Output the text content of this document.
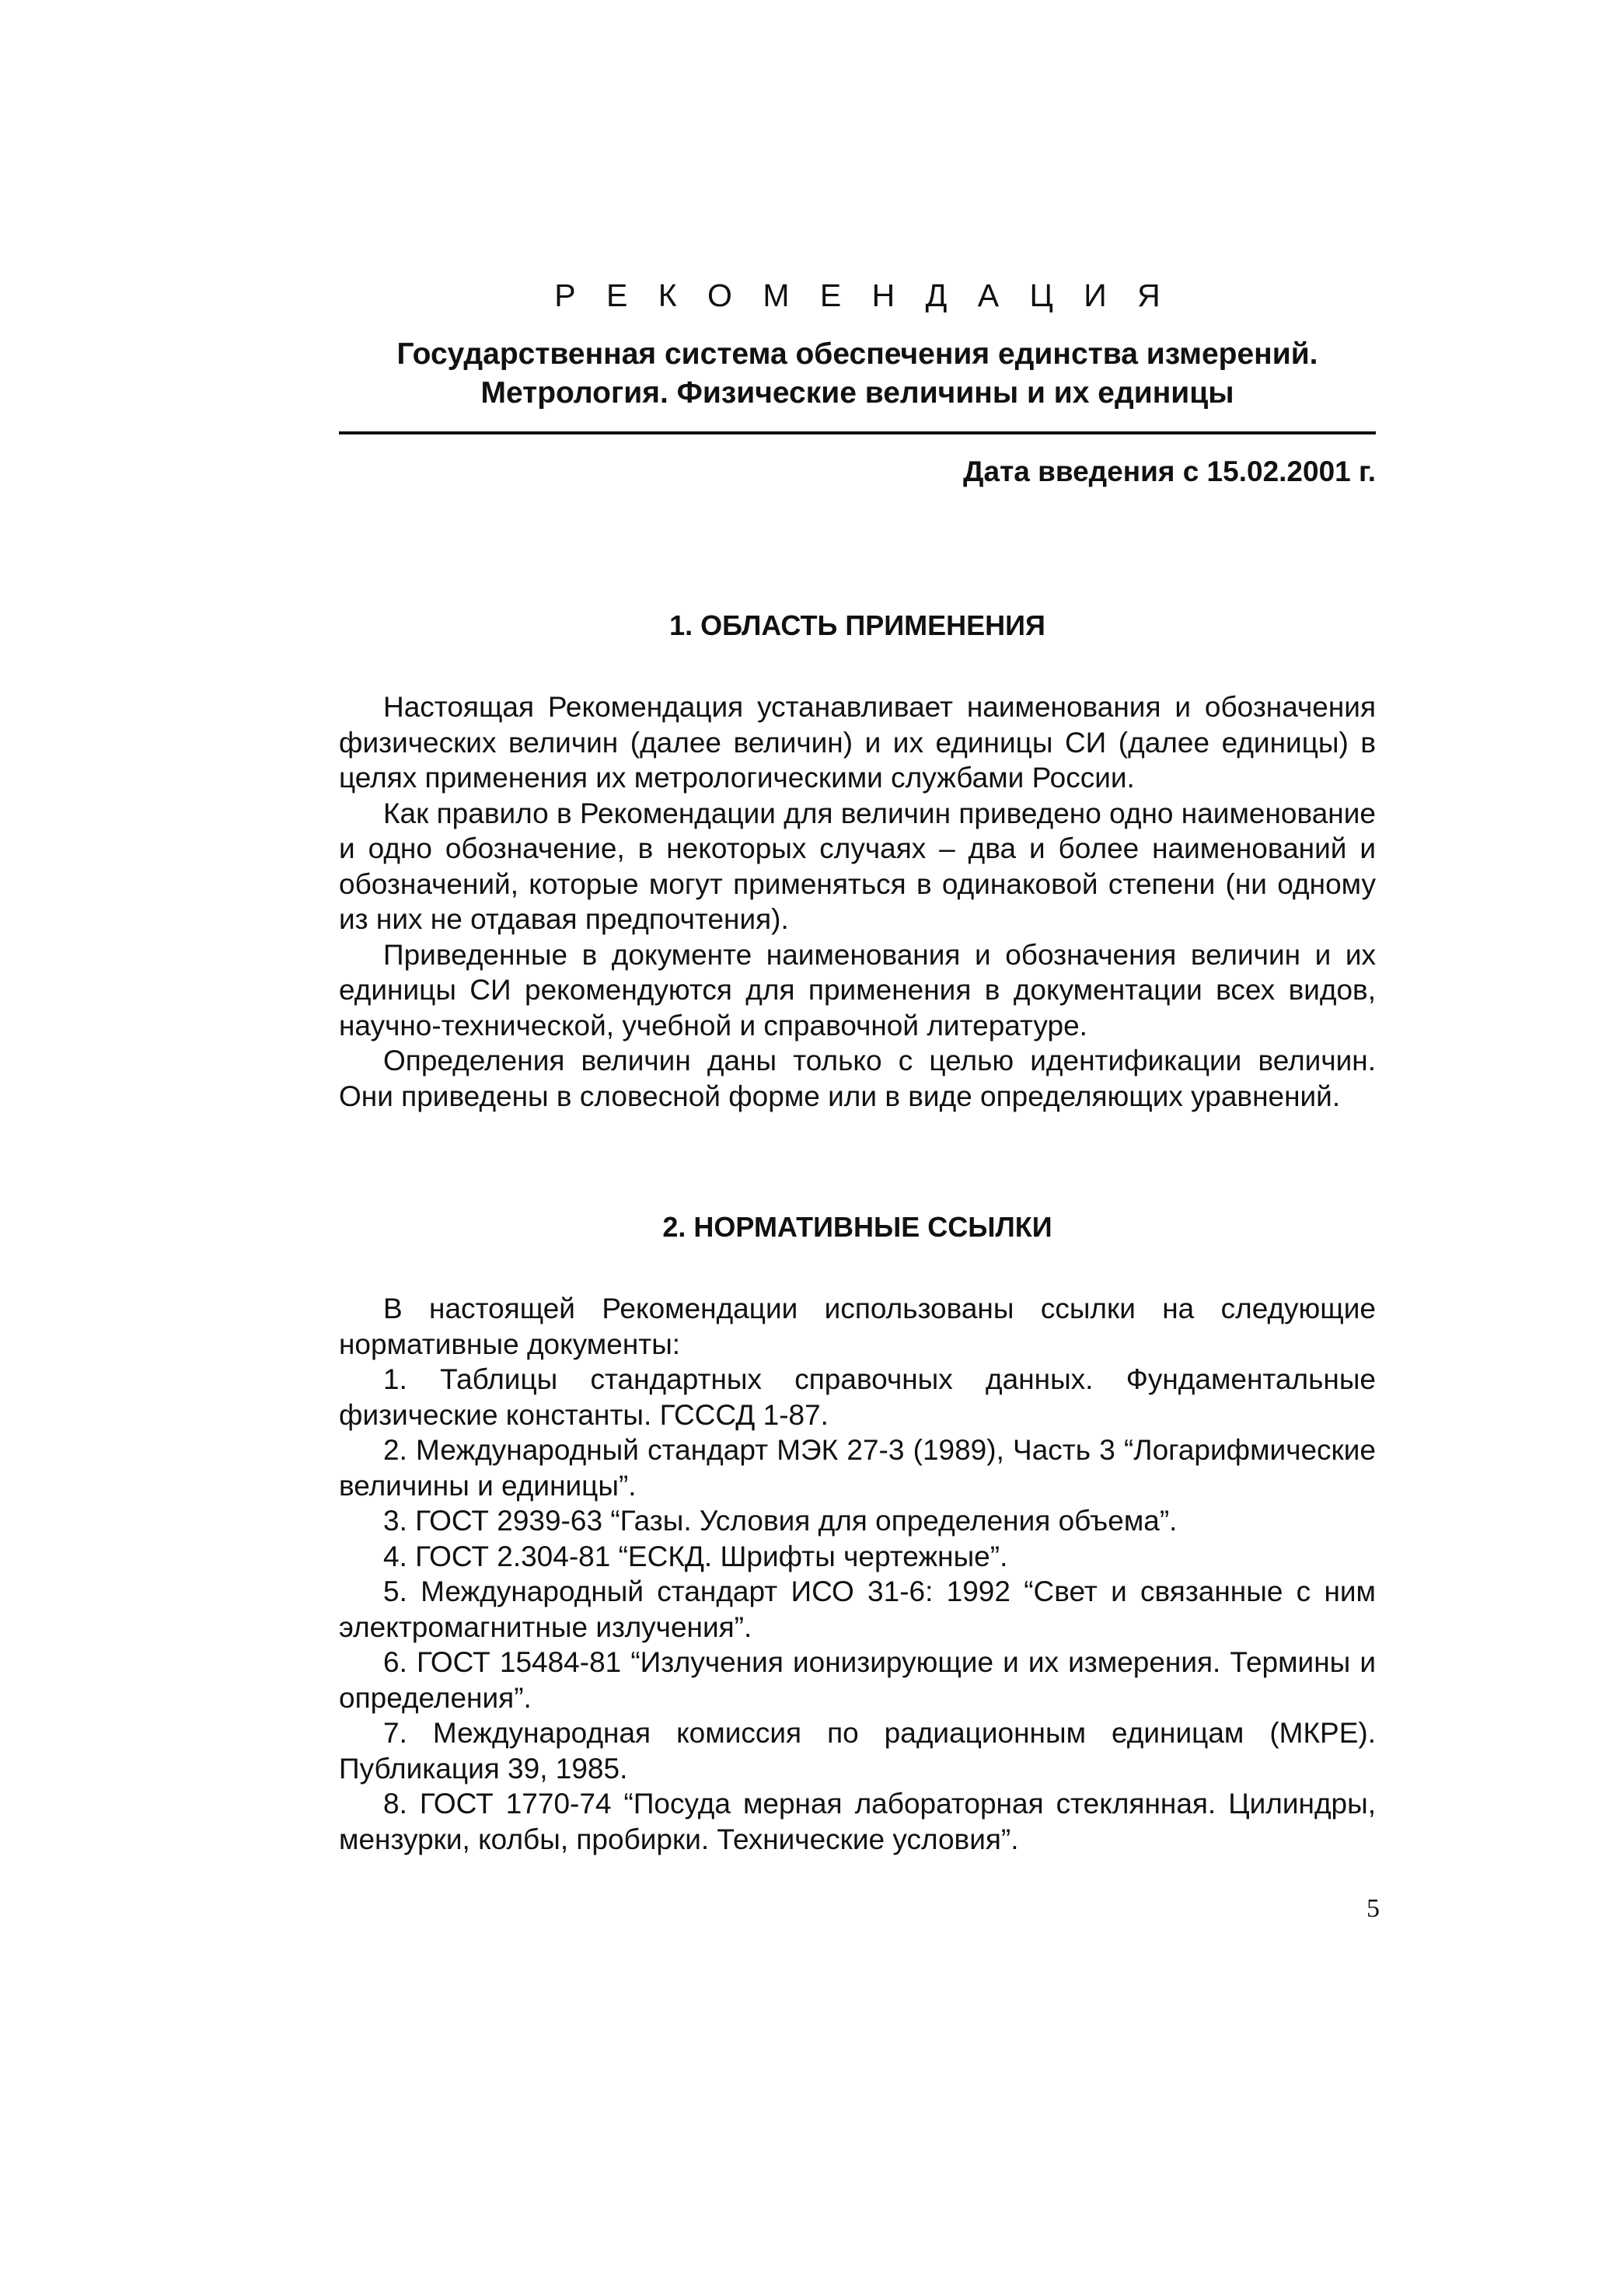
Р Е К О М Е Н Д А Ц И Я

Государственная система обеспечения единства измерений.
Метрология. Физические величины и их единицы

Дата введения с 15.02.2001 г.

1. ОБЛАСТЬ ПРИМЕНЕНИЯ

Настоящая Рекомендация устанавливает наименования и обозначения физических величин (далее величин) и их единицы СИ (далее единицы) в целях применения их метрологическими службами России.

Как правило в Рекомендации для величин приведено одно наименование и одно обозначение, в некоторых случаях – два и более наименований и обозначений, которые могут применяться в одинаковой степени (ни одному из них не отдавая предпочтения).

Приведенные в документе наименования и обозначения величин и их единицы СИ рекомендуются для применения в документации всех видов, научно-технической, учебной и справочной литературе.

Определения величин даны только с целью идентификации величин. Они приведены в словесной форме или в виде определяющих уравнений.

2. НОРМАТИВНЫЕ ССЫЛКИ

В настоящей Рекомендации использованы ссылки на следующие нормативные документы:

1. Таблицы стандартных справочных данных. Фундаментальные физические константы. ГСССД 1-87.

2. Международный стандарт МЭК 27-3 (1989), Часть 3 “Логарифмические величины и единицы”.

3. ГОСТ 2939-63 “Газы. Условия для определения объема”.

4. ГОСТ 2.304-81 “ЕСКД. Шрифты чертежные”.

5. Международный стандарт ИСО 31-6: 1992 “Свет и связанные с ним электромагнитные излучения”.

6. ГОСТ 15484-81 “Излучения ионизирующие и их измерения. Термины и определения”.

7. Международная комиссия по радиационным единицам (МКРЕ). Публикация 39, 1985.

8. ГОСТ 1770-74 “Посуда мерная лабораторная стеклянная. Цилиндры, мензурки, колбы, пробирки. Технические условия”.

5
